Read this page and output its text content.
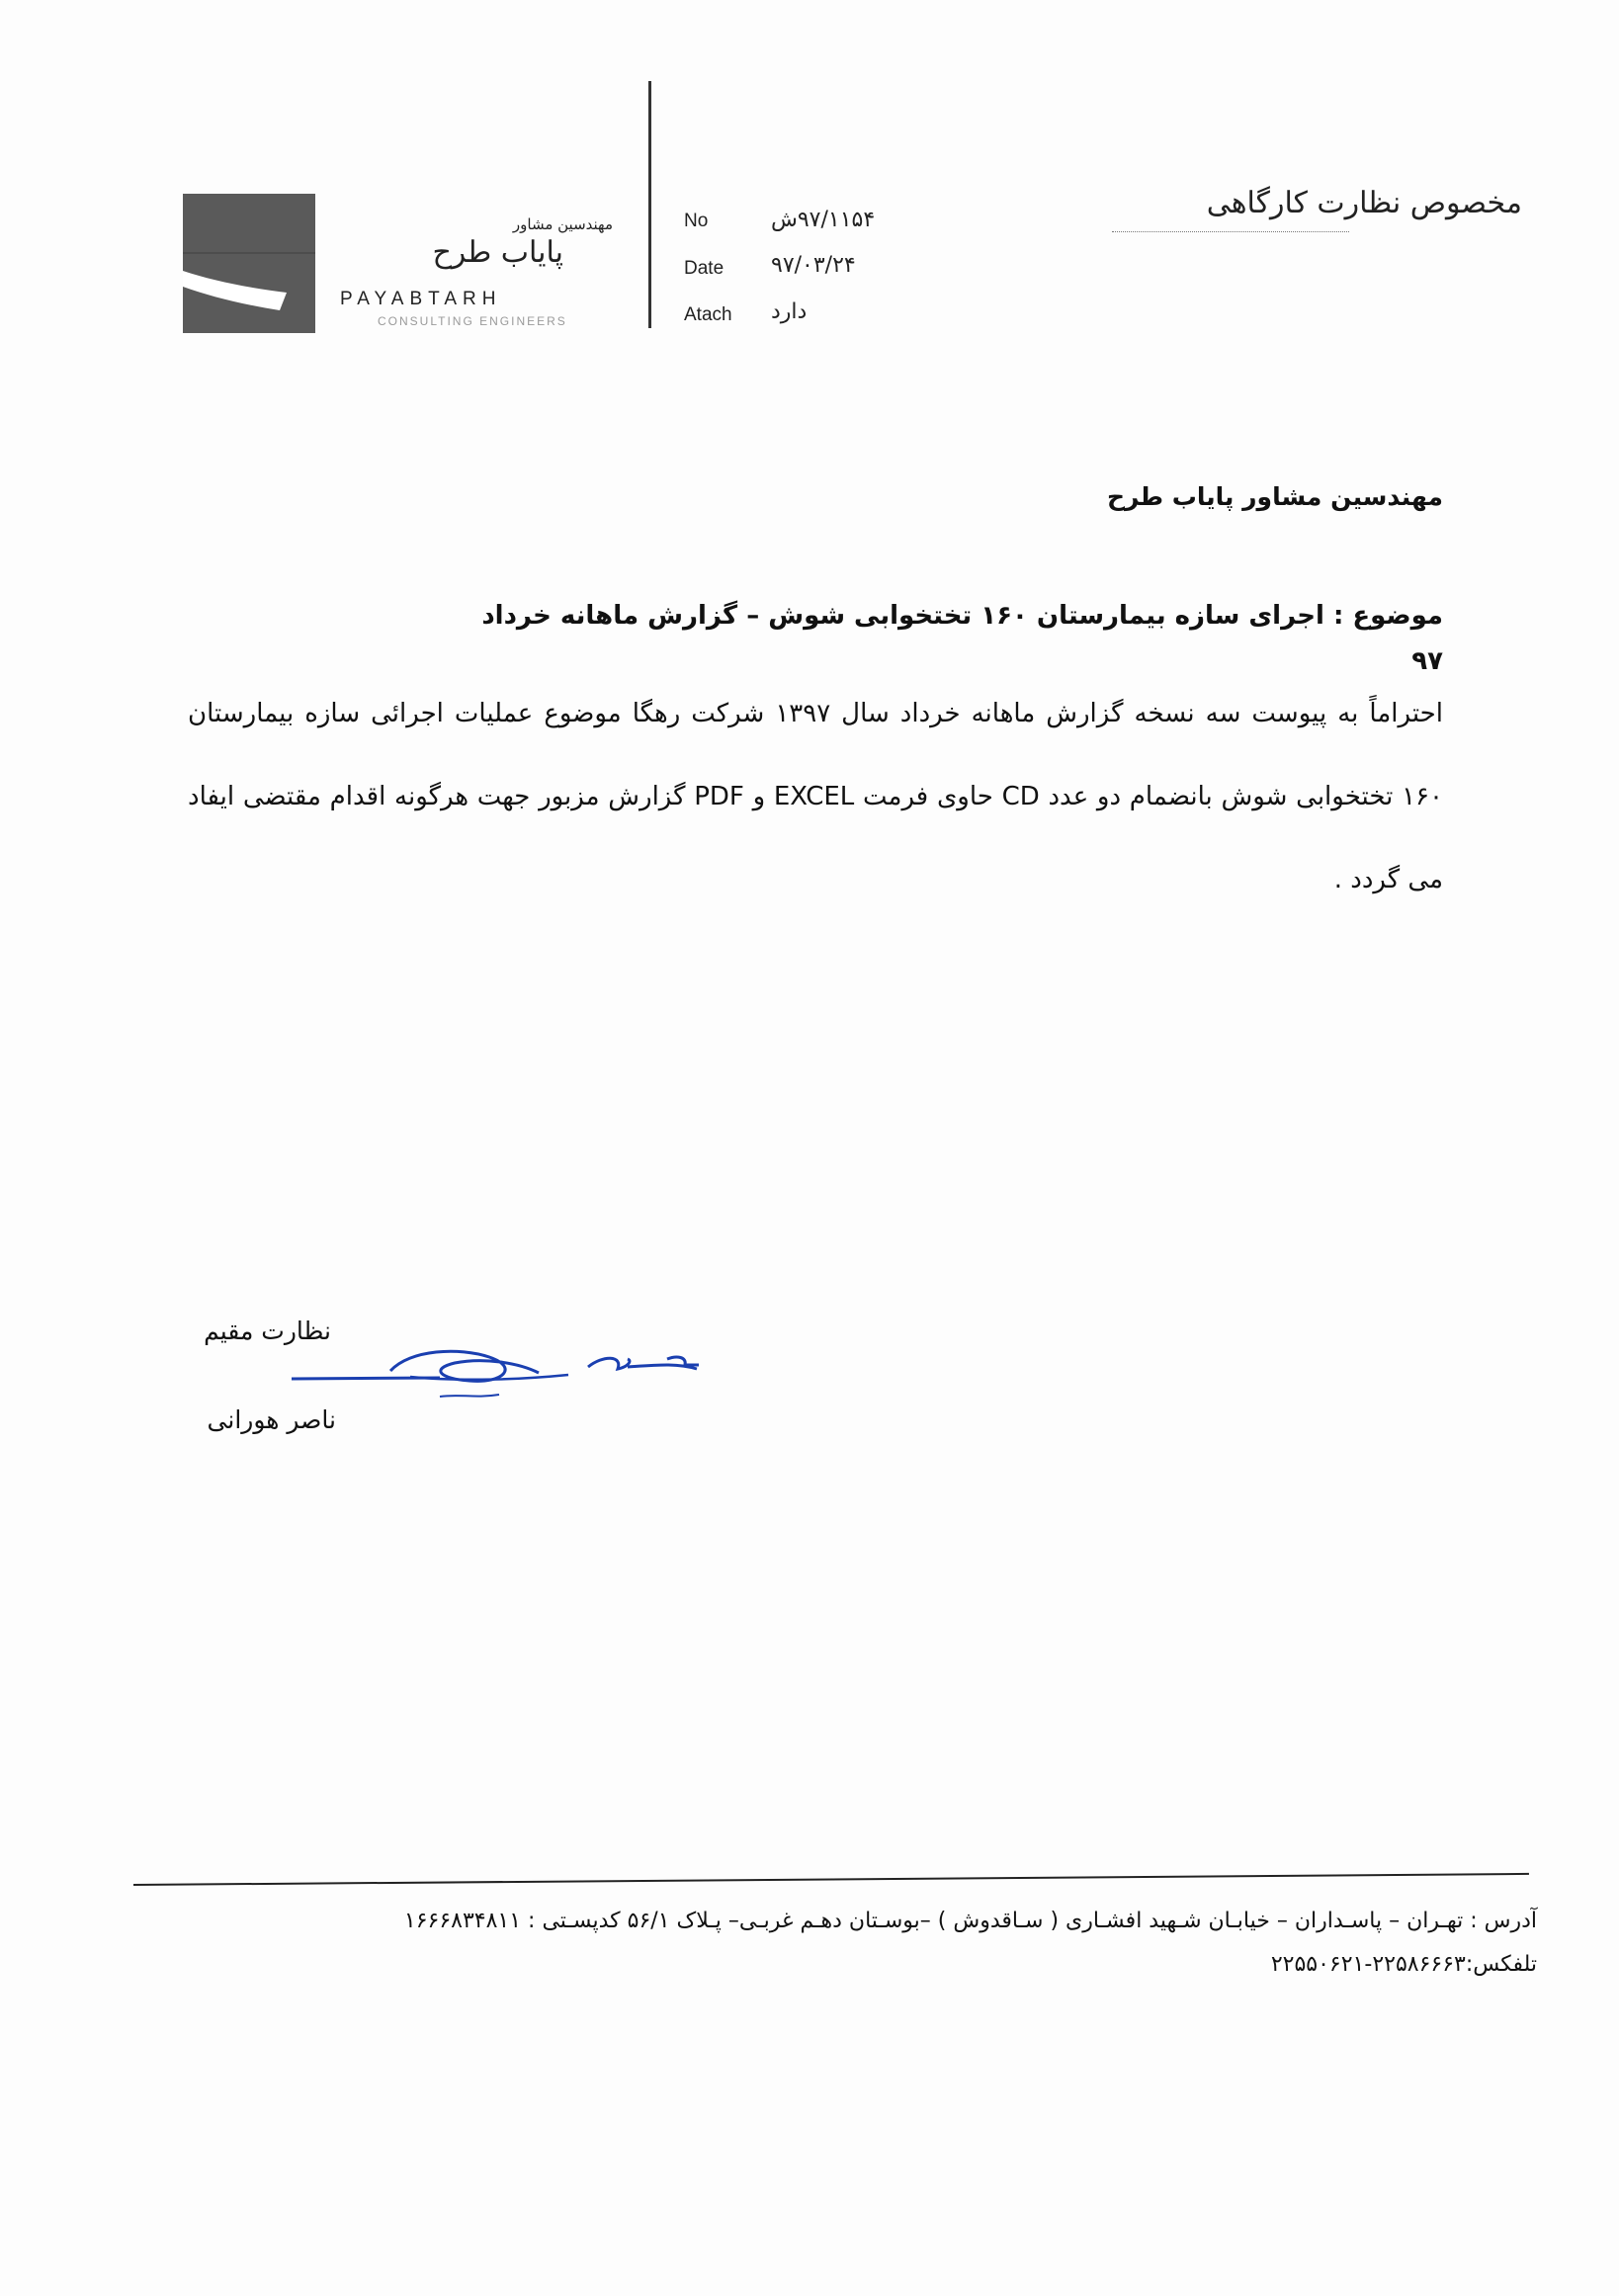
مهندسین مشاور
پایاب طرح
PAYABTARH
CONSULTING ENGINEERS
No	۹۷/۱۱۵۴ش
Date ۹۷/۰۳/۲۴
Atach دارد
مخصوص نظارت کارگاهی
مهندسین مشاور پایاب طرح
موضوع : اجرای سازه بیمارستان ۱۶۰ تختخوابی شوش – گزارش ماهانه خرداد ۹۷
احتراماً به پیوست سه نسخه گزارش ماهانه خرداد سال ۱۳۹۷ شرکت رهگا موضوع عملیات اجرائی سازه بیمارستان ۱۶۰ تختخوابی شوش بانضمام دو عدد CD حاوی فرمت EXCEL و PDF گزارش مزبور جهت هرگونه اقدام مقتضی ایفاد می گردد .
نظارت مقیم
ناصر هورانی
آدرس : تهـران – پاسـداران – خیابـان شـهید افشـاری ( سـاقدوش ) –بوسـتان دهـم غربـی– پـلاک ۵۶/۱ کدپسـتی : ۱۶۶۶۸۳۴۸۱۱
تلفکس:۲۲۵۸۶۶۶۳-۲۲۵۵۰۶۲۱
